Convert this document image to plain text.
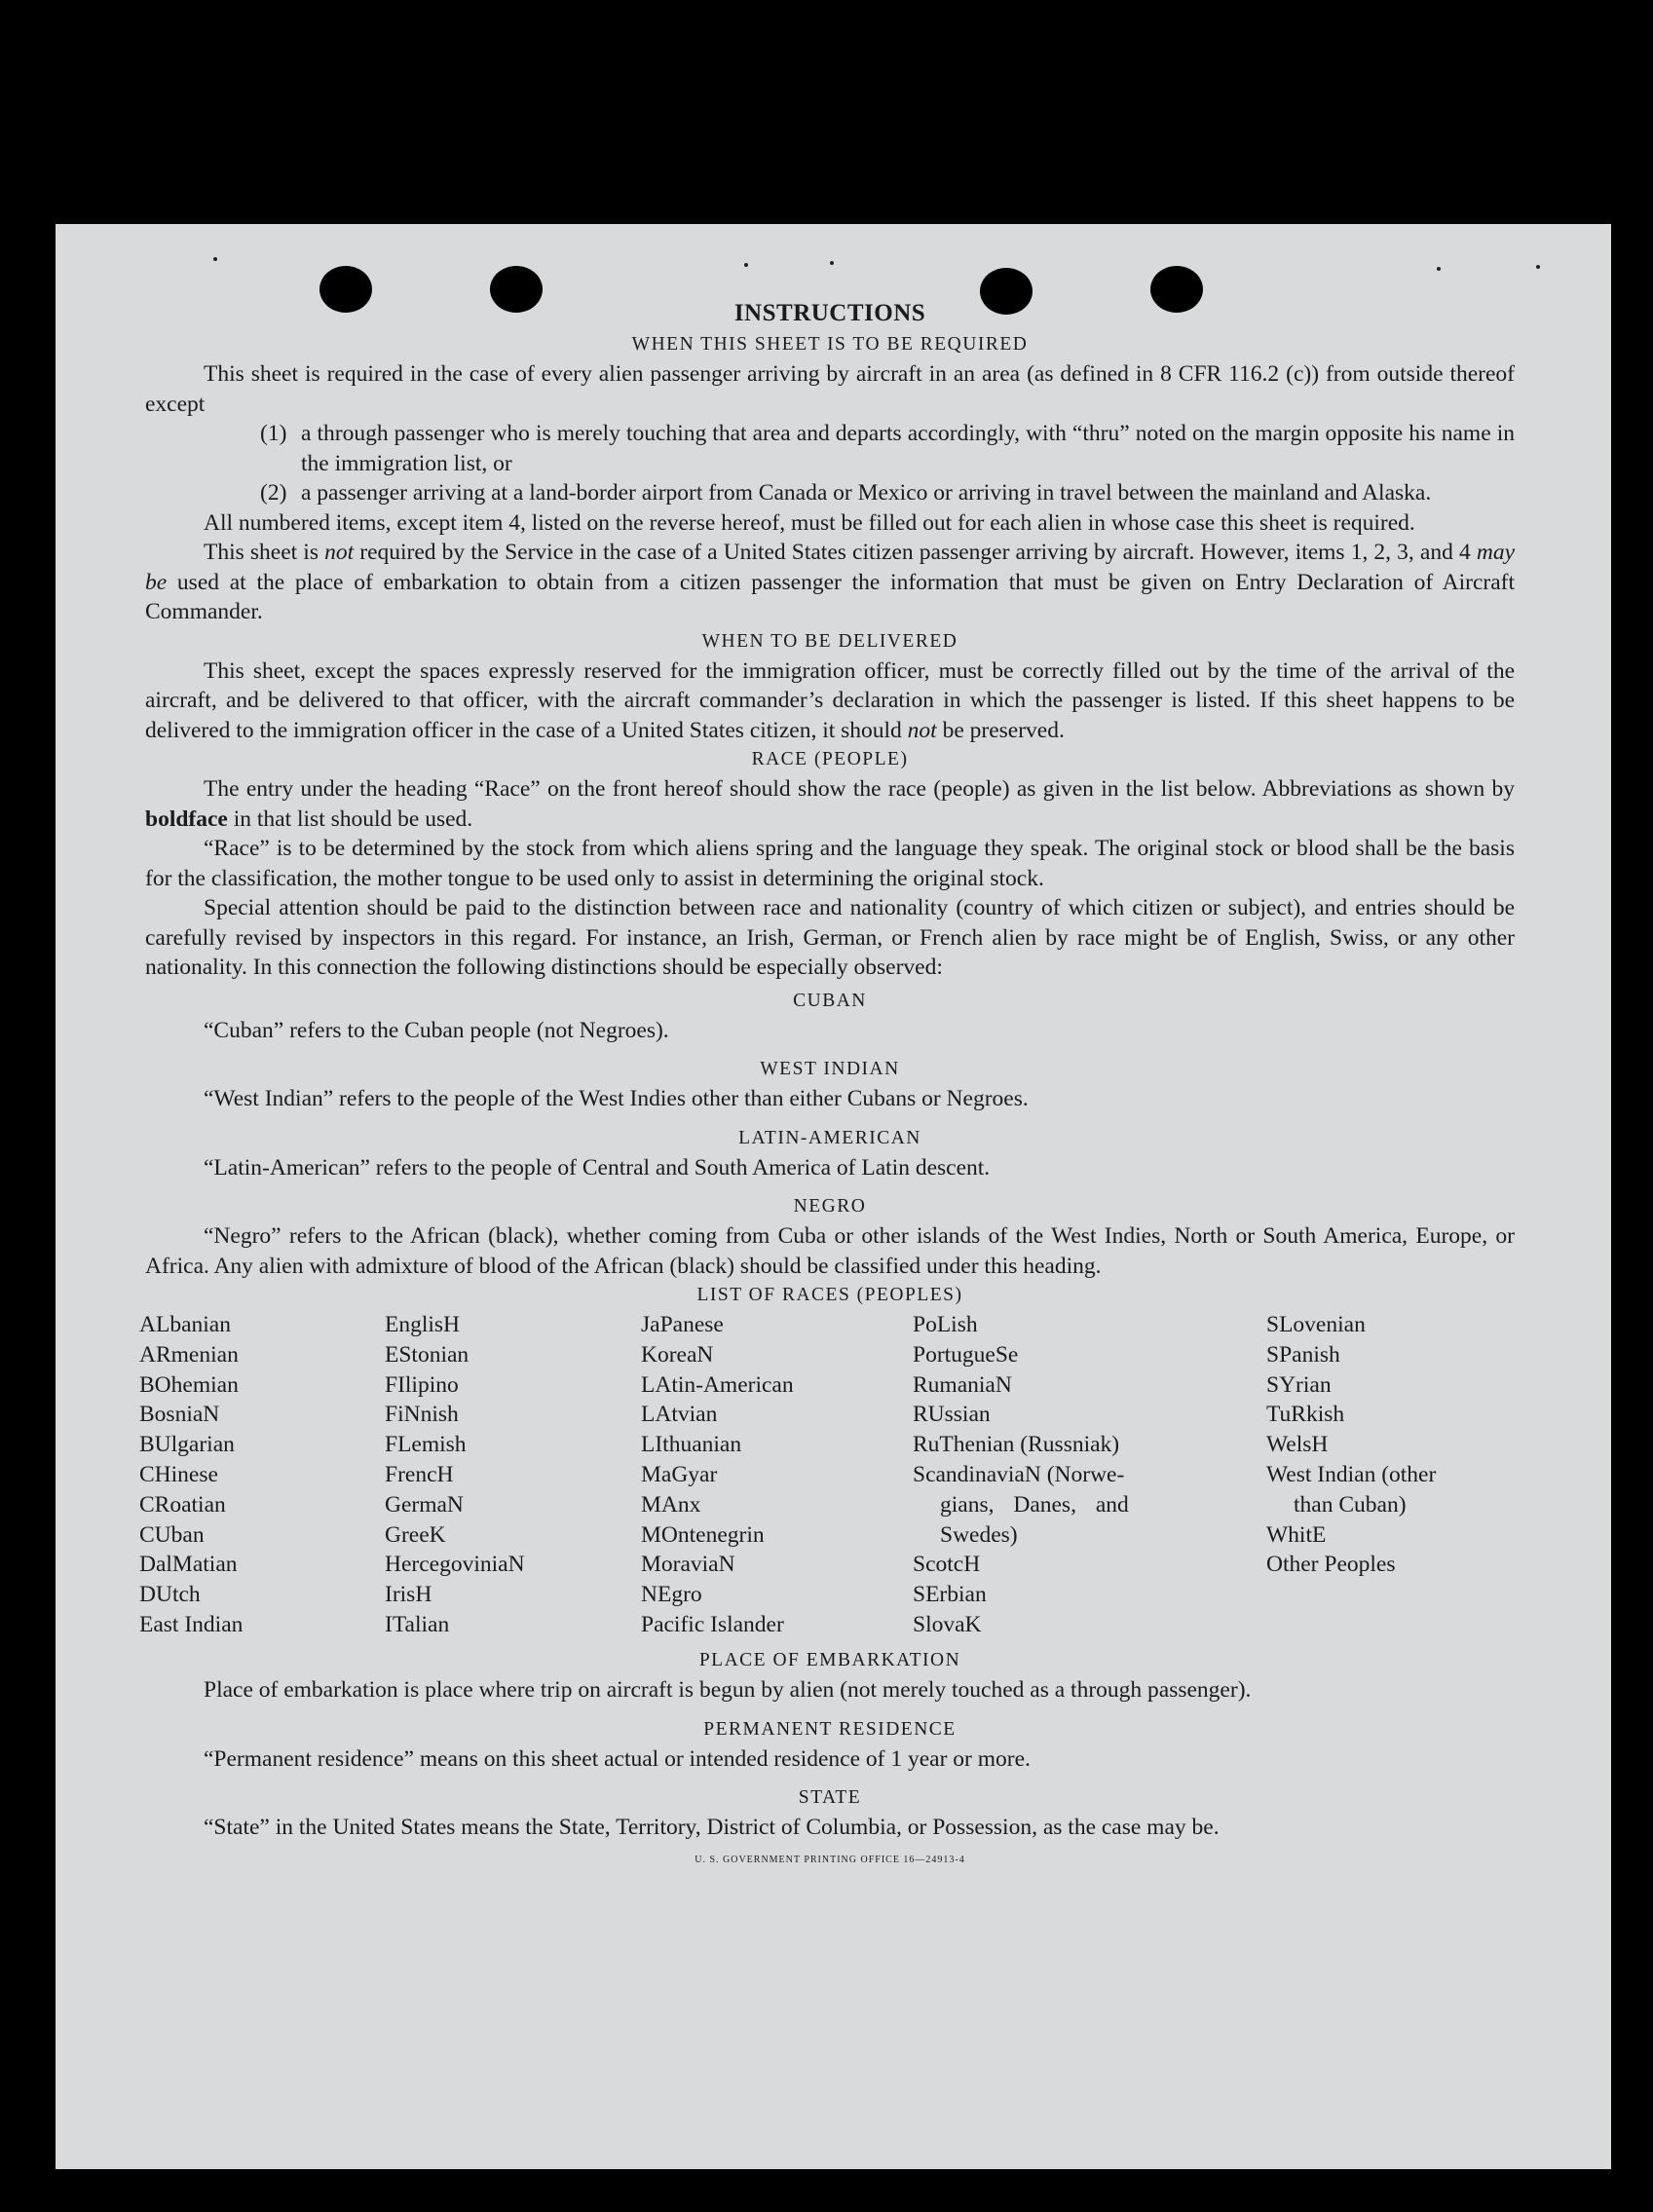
INSTRUCTIONS
WHEN THIS SHEET IS TO BE REQUIRED

This sheet is required in the case of every alien passenger arriving by aircraft in an area (as defined in 8 CFR 116.2 (c)) from outside thereof except

(1) a through passenger who is merely touching that area and departs accordingly, with “thru” noted on the margin opposite his name in the immigration list, or
(2) a passenger arriving at a land-border airport from Canada or Mexico or arriving in travel between the mainland and Alaska.

All numbered items, except item 4, listed on the reverse hereof, must be filled out for each alien in whose case this sheet is required.

This sheet is not required by the Service in the case of a United States citizen passenger arriving by aircraft. However, items 1, 2, 3, and 4 may be used at the place of embarkation to obtain from a citizen passenger the information that must be given on Entry Declaration of Aircraft Commander.

WHEN TO BE DELIVERED

This sheet, except the spaces expressly reserved for the immigration officer, must be correctly filled out by the time of the arrival of the aircraft, and be delivered to that officer, with the aircraft commander’s declaration in which the passenger is listed. If this sheet happens to be delivered to the immigration officer in the case of a United States citizen, it should not be preserved.

RACE (PEOPLE)

The entry under the heading “Race” on the front hereof should show the race (people) as given in the list below. Abbreviations as shown by boldface in that list should be used.

“Race” is to be determined by the stock from which aliens spring and the language they speak. The original stock or blood shall be the basis for the classification, the mother tongue to be used only to assist in determining the original stock.

Special attention should be paid to the distinction between race and nationality (country of which citizen or subject), and entries should be carefully revised by inspectors in this regard. For instance, an Irish, German, or French alien by race might be of English, Swiss, or any other nationality. In this connection the following distinctions should be especially observed:

CUBAN

“Cuban” refers to the Cuban people (not Negroes).

WEST INDIAN

“West Indian” refers to the people of the West Indies other than either Cubans or Negroes.

LATIN-AMERICAN

“Latin-American” refers to the people of Central and South America of Latin descent.

NEGRO

“Negro” refers to the African (black), whether coming from Cuba or other islands of the West Indies, North or South America, Europe, or Africa. Any alien with admixture of blood of the African (black) should be classified under this heading.

LIST OF RACES (PEOPLES)
ALbanian
ARmenian
BOhemian
BosniaN
BUlgarian
CHinese
CRoatian
CUban
DalMatian
DUtch
East Indian
EnglisH
EStonian
FIlipino
FiNnish
FLemish
FrencH
GermaN
GreeK
HercegoviniaN
IrisH
ITalian
JaPanese
KoreaN
LAtin-American
LAtvian
LIthuanian
MaGyar
MAnx
MOntenegrin
MoraviaN
NEgro
Pacific Islander
PoLish
PortugueSe
RumaniaN
RUssian
RuThenian (Russniak)
ScandinaviaN (Norwe-
gians, Danes, and
Swedes)
ScotcH
SErbian
SlovaK
SLovenian
SPanish
SYrian
TuRkish
WelsH
West Indian (other
than Cuban)
WhitE
Other Peoples
PLACE OF EMBARKATION

Place of embarkation is place where trip on aircraft is begun by alien (not merely touched as a through passenger).

PERMANENT RESIDENCE

“Permanent residence” means on this sheet actual or intended residence of 1 year or more.

STATE

“State” in the United States means the State, Territory, District of Columbia, or Possession, as the case may be.

U. S. GOVERNMENT PRINTING OFFICE 16—24913-4
